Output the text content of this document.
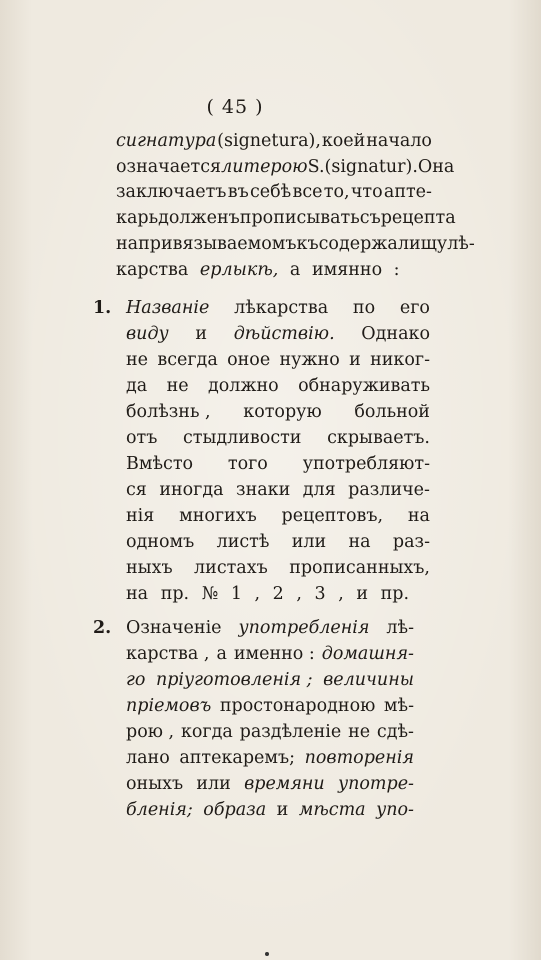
( 45 )
сигнатура (signetura), коей начало
означается литерою S. (signatur). Она
заключаетъ въ себѣ все то, что аптe-
карь долженъ прописывать съ рецепта
на привязываемомъ къ содержалищу лѣ-
карства ерлыкѣ, а имянно :
1. Названіе лѣкарства по его
виду и дѣйствію. Однако
не всегда оное нужно и никог-
да не должно обнаруживать
болѣзнь , которую больной
отъ стыдливости скрываетъ.
Вмѣсто того употребляют-
ся иногда знаки для различе-
нія многихъ рецептовъ, на
одномъ листѣ или на раз-
ныхъ листахъ прописанныхъ,
на пр. № 1 , 2 , 3 , и пр.
2. Означеніе употребленія лѣ-
карства , а именно : домашня-
го пріуготовленія ; величины
пріемовъ простонародною мѣ-
рою , когда раздѣленіе не сдѣ-
лано аптекаремъ; повторенія
оныхъ или времяни употре-
бленія; образа и мѣста упо-
